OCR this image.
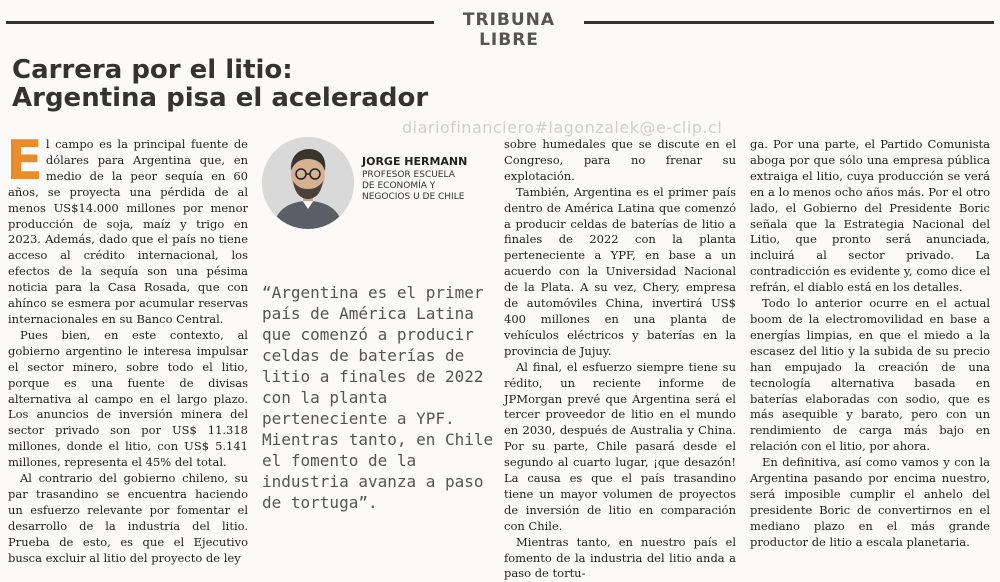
TRIBUNA LIBRE
Carrera por el litio:
Argentina pisa el acelerador
diariofinanciero#lagonzalek@e-clip.cl

El campo es la principal fuente de dólares para Argentina que, en medio de la peor sequía en 60 años, se proyecta una pérdida de al menos US$14.000 millones por menor producción de soja, maíz y trigo en 2023. Además, dado que el país no tiene acceso al crédito internacional, los efectos de la sequía son una pésima noticia para la Casa Rosada, que con ahínco se esmera por acumular reservas internacionales en su Banco Central.

Pues bien, en este contexto, al gobierno argentino le interesa impulsar el sector minero, sobre todo el litio, porque es una fuente de divisas alternativa al campo en el largo plazo. Los anuncios de inversión minera del sector privado son por US$ 11.318 millones, donde el litio, con US$ 5.141 millones, representa el 45% del total.

Al contrario del gobierno chileno, su par trasandino se encuentra haciendo un esfuerzo relevante por fomentar el desarrollo de la industria del litio. Prueba de esto, es que el Ejecutivo busca excluir al litio del proyecto de ley

JORGE HERMANN
PROFESOR ESCUELA
DE ECONOMÍA Y
NEGOCIOS U DE CHILE

“Argentina es el primer país de América Latina que comenzó a producir celdas de baterías de litio a finales de 2022 con la planta perteneciente a YPF. Mientras tanto, en Chile el fomento de la industria avanza a paso de tortuga”.

sobre humedales que se discute en el Congreso, para no frenar su explotación.

También, Argentina es el primer país dentro de América Latina que comenzó a producir celdas de baterías de litio a finales de 2022 con la planta perteneciente a YPF, en base a un acuerdo con la Universidad Nacional de la Plata. A su vez, Chery, empresa de automóviles China, invertirá US$ 400 millones en una planta de vehículos eléctricos y baterías en la provincia de Jujuy.

Al final, el esfuerzo siempre tiene su rédito, un reciente informe de JPMorgan prevé que Argentina será el tercer proveedor de litio en el mundo en 2030, después de Australia y China. Por su parte, Chile pasará desde el segundo al cuarto lugar, ¡que desazón! La causa es que el país trasandino tiene un mayor volumen de proyectos de inversión de litio en comparación con Chile.

Mientras tanto, en nuestro país el fomento de la industria del litio anda a paso de tortu-

ga. Por una parte, el Partido Comunista aboga por que sólo una empresa pública extraiga el litio, cuya producción se verá en a lo menos ocho años más. Por el otro lado, el Gobierno del Presidente Boric señala que la Estrategia Nacional del Litio, que pronto será anunciada, incluirá al sector privado. La contradicción es evidente y, como dice el refrán, el diablo está en los detalles.

Todo lo anterior ocurre en el actual boom de la electromovilidad en base a energías limpias, en que el miedo a la escasez del litio y la subida de su precio han empujado la creación de una tecnología alternativa basada en baterías elaboradas con sodio, que es más asequible y barato, pero con un rendimiento de carga más bajo en relación con el litio, por ahora.

En definitiva, así como vamos y con la Argentina pasando por encima nuestro, será imposible cumplir el anhelo del presidente Boric de convertirnos en el mediano plazo en el más grande productor de litio a escala planetaria.
